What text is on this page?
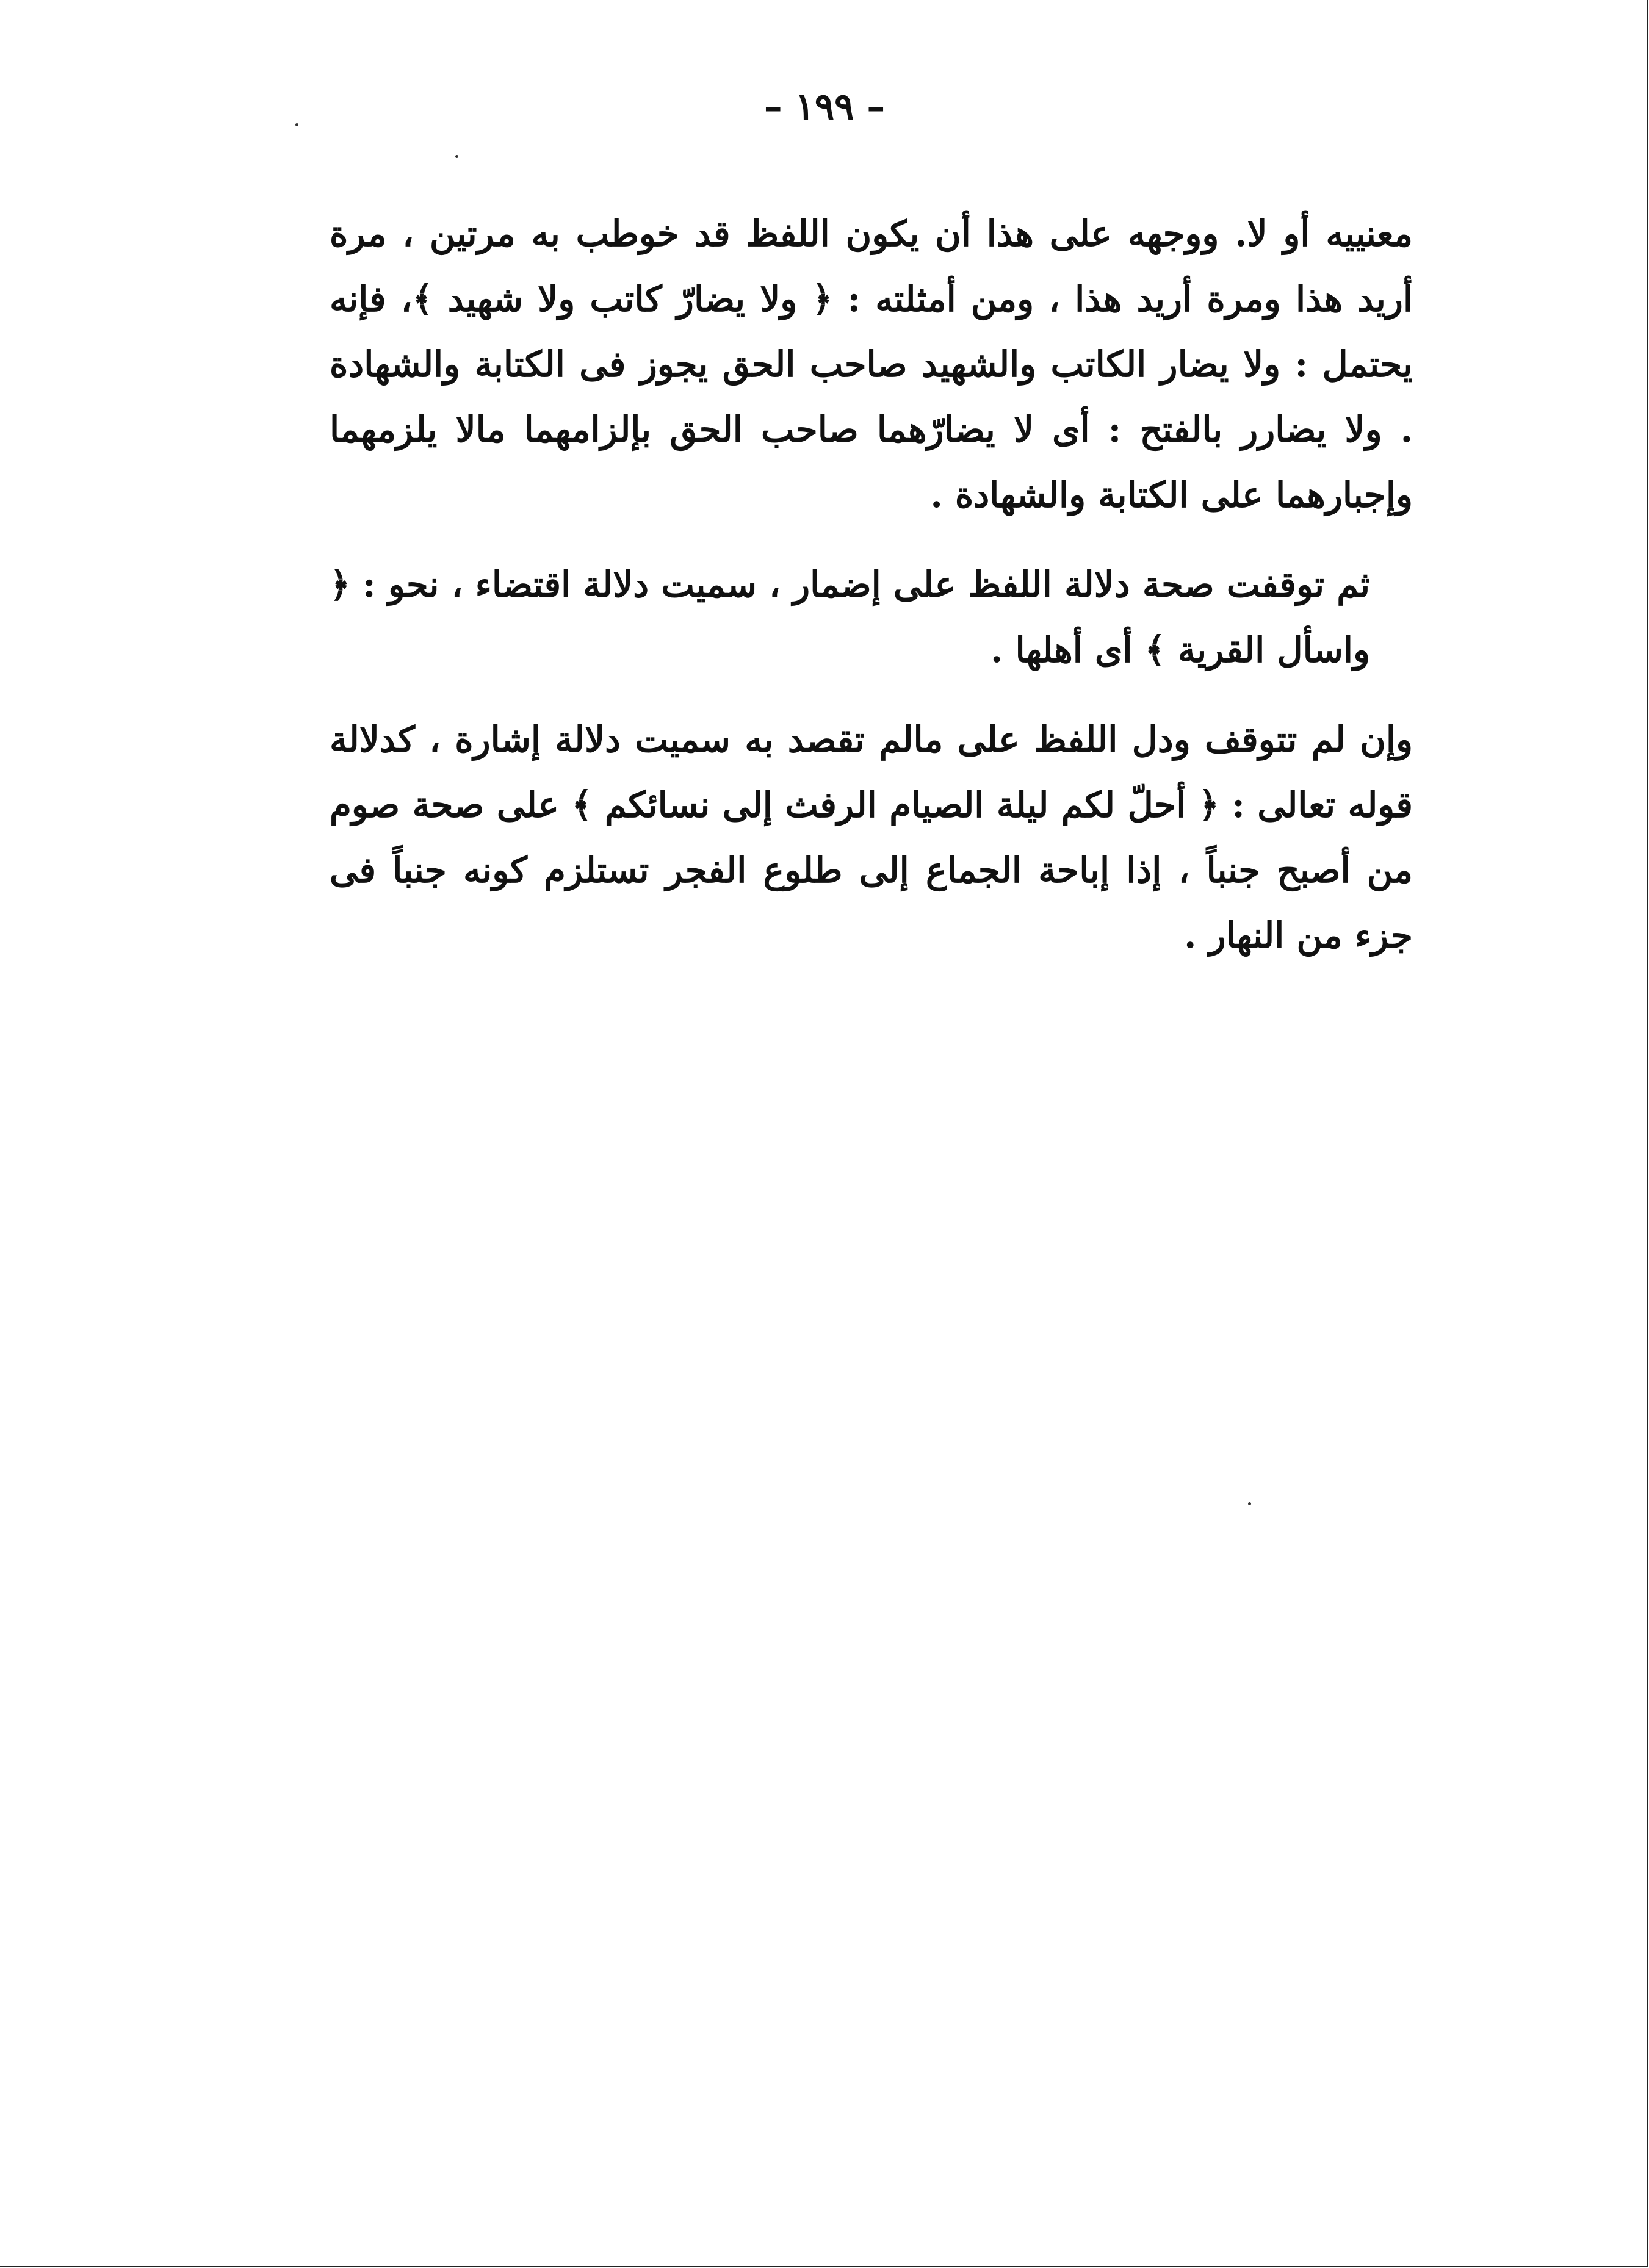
– ١٩٩ –

معنييه أو لا. ووجهه على هذا أن يكون اللفظ قد خوطب به مرتين ، مرة أريد هذا ومرة أريد هذا ، ومن أمثلته : ﴿ ولا يضارّ كاتب ولا شهيد ﴾، فإنه يحتمل : ولا يضار الكاتب والشهيد صاحب الحق يجوز فى الكتابة والشهادة . ولا يضارر بالفتح : أى لا يضارّهما صاحب الحق بإلزامهما مالا يلزمهما وإجبارهما على الكتابة والشهادة .

ثم توقفت صحة دلالة اللفظ على إضمار ، سميت دلالة اقتضاء ، نحو : ﴿ واسأل القرية ﴾ أى أهلها .

وإن لم تتوقف ودل اللفظ على مالم تقصد به سميت دلالة إشارة ، كدلالة قوله تعالى : ﴿ أحلّ لكم ليلة الصيام الرفث إلى نسائكم ﴾ على صحة صوم من أصبح جنباً ، إذا إباحة الجماع إلى طلوع الفجر تستلزم كونه جنباً فى جزء من النهار .
